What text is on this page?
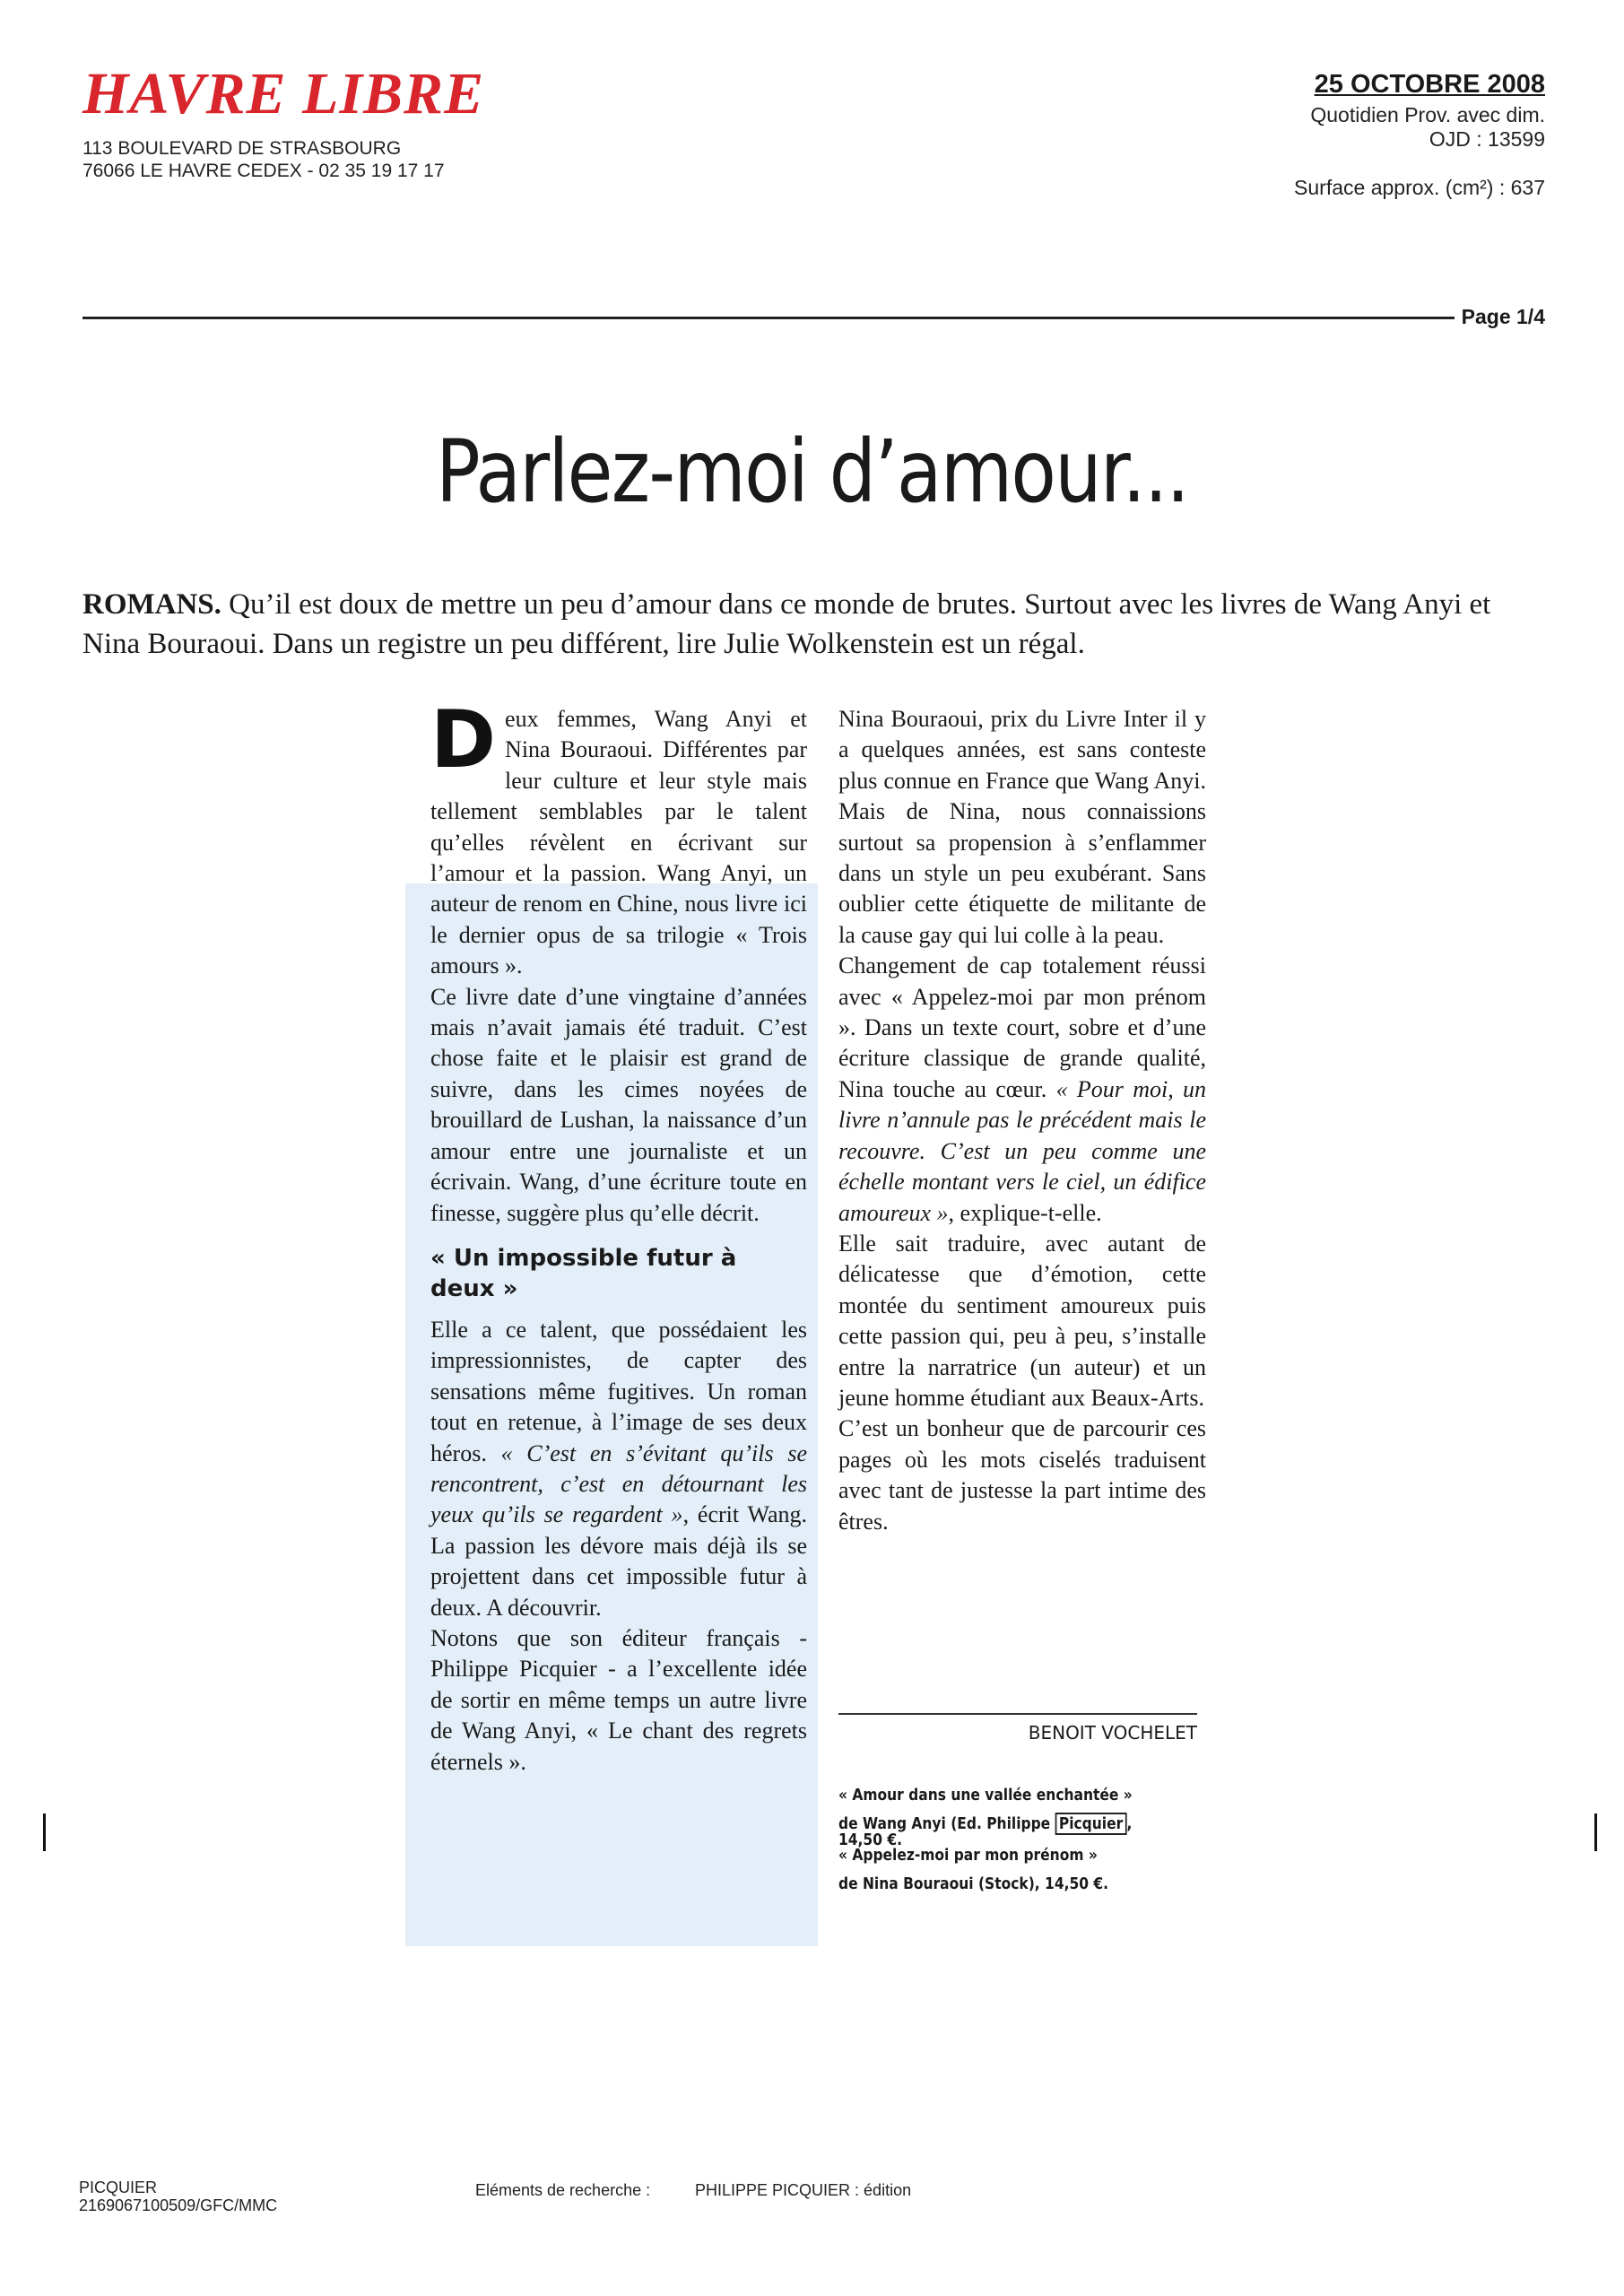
HAVRE LIBRE
113 BOULEVARD DE STRASBOURG
76066 LE HAVRE CEDEX - 02 35 19 17 17
25 OCTOBRE 2008
Quotidien Prov. avec dim.
OJD : 13599
Surface approx. (cm²) : 637
Page 1/4
Parlez-moi d’amour...
ROMANS. Qu’il est doux de mettre un peu d’amour dans ce monde de brutes. Surtout avec les livres de Wang Anyi et Nina Bouraoui. Dans un registre un peu différent, lire Julie Wolkenstein est un régal.

Deux femmes, Wang Anyi et Nina Bouraoui. Différentes par leur culture et leur style mais tellement semblables par le talent qu’elles révèlent en écrivant sur l’amour et la passion. Wang Anyi, un auteur de renom en Chine, nous livre ici le dernier opus de sa trilogie « Trois amours ».

Ce livre date d’une vingtaine d’années mais n’avait jamais été traduit. C’est chose faite et le plaisir est grand de suivre, dans les cimes noyées de brouillard de Lushan, la naissance d’un amour entre une journaliste et un écrivain. Wang, d’une écriture toute en finesse, suggère plus qu’elle décrit.

« Un impossible futur à deux »

Elle a ce talent, que possédaient les impressionnistes, de capter des sensations même fugitives. Un roman tout en retenue, à l’image de ses deux héros. « C’est en s’évitant qu’ils se rencontrent, c’est en détournant les yeux qu’ils se regardent », écrit Wang. La passion les dévore mais déjà ils se projettent dans cet impossible futur à deux. A découvrir.

Notons que son éditeur français - Philippe Picquier - a l’excellente idée de sortir en même temps un autre livre de Wang Anyi, « Le chant des regrets éternels ».

Nina Bouraoui, prix du Livre Inter il y a quelques années, est sans conteste plus connue en France que Wang Anyi. Mais de Nina, nous connaissions surtout sa propension à s’enflammer dans un style un peu exubérant. Sans oublier cette étiquette de militante de la cause gay qui lui colle à la peau.

Changement de cap totalement réussi avec « Appelez-moi par mon prénom ». Dans un texte court, sobre et d’une écriture classique de grande qualité, Nina touche au cœur. « Pour moi, un livre n’annule pas le précédent mais le recouvre. C’est un peu comme une échelle montant vers le ciel, un édifice amoureux », explique-t-elle.

Elle sait traduire, avec autant de délicatesse que d’émotion, cette montée du sentiment amoureux puis cette passion qui, peu à peu, s’installe entre la narratrice (un auteur) et un jeune homme étudiant aux Beaux-Arts.

C’est un bonheur que de parcourir ces pages où les mots ciselés traduisent avec tant de justesse la part intime des êtres.

BENOIT VOCHELET
« Amour dans une vallée enchantée »
de Wang Anyi (Ed. Philippe Picquier , 14,50 €.
« Appelez-moi par mon prénom »
de Nina Bouraoui (Stock), 14,50 €.
PICQUIER
2169067100509/GFC/MMC
Eléments de recherche :	PHILIPPE PICQUIER : édition
